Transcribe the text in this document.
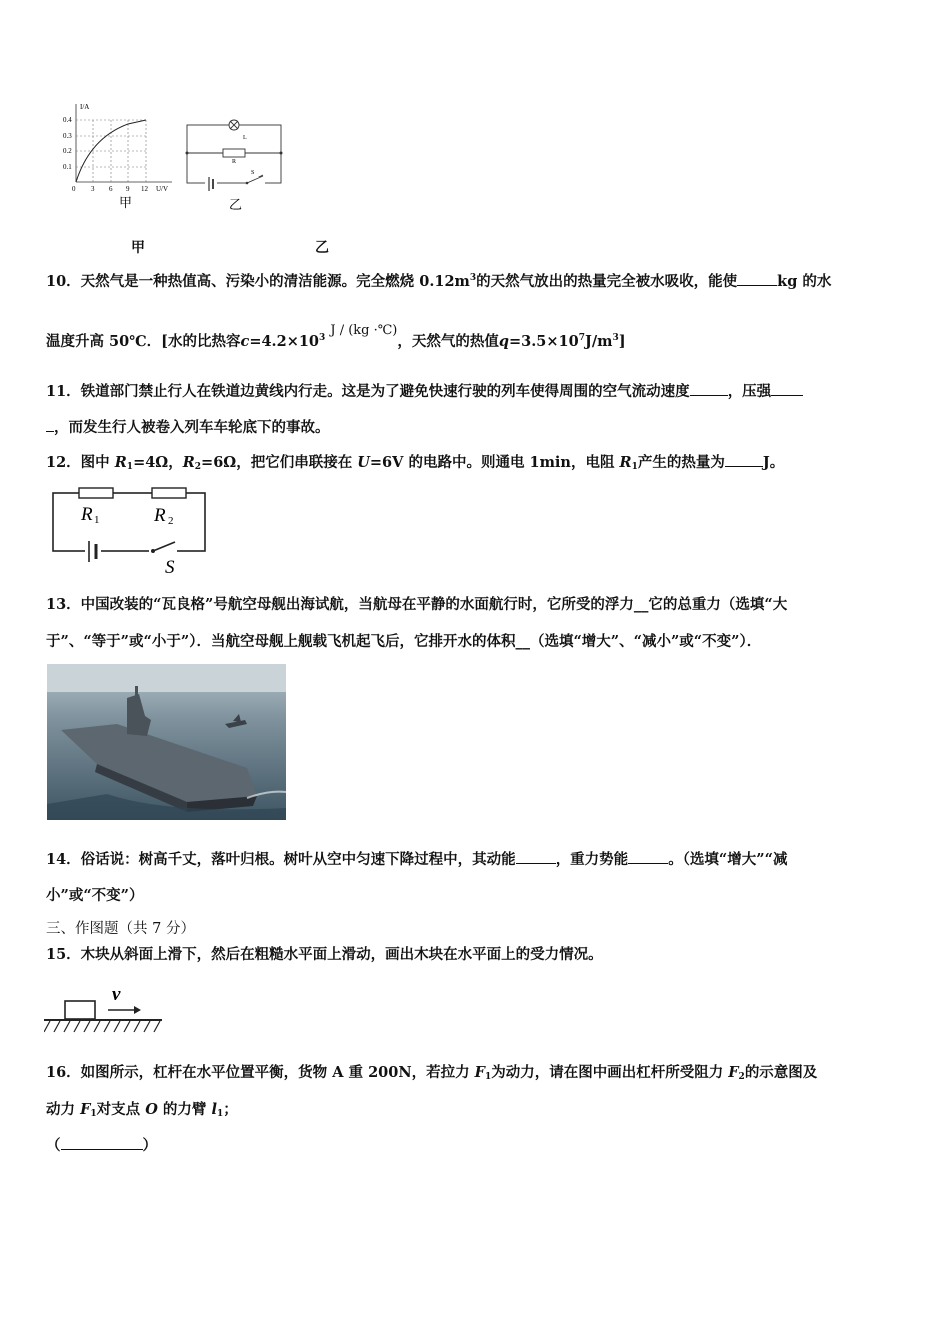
I/A
U/V
0.4
0.3
0.2
0.1
0 3 6 9 12
甲
L
R
S
乙
甲	乙
10．天然气是一种热值高、污染小的清洁能源。完全燃烧 $0.12m^3$的天然气放出的热量完全被水吸收，能使	kg 的水
温度升高 50℃．[水的比热容$c=4.2\times 10^3$ J / (kg ·℃)，天然气的热值$q=3.5\times 10^7J/m^3$]
11．铁道部门禁止行人在铁道边黄线内行走。这是为了避免快速行驶的列车使得周围的空气流动速度	，压强
，而发生行人被卷入列车车轮底下的事故。
12．图中 $R_1=4\Omega$，$R_2=6\Omega$，把它们串联接在 U=6V 的电路中。则通电 1min，电阻 $R_1$产生的热量为	J。
R 1	R 2
S
13．中国改装的“瓦良格”号航空母舰出海试航，当航母在平静的水面航行时，它所受的浮力__它的总重力（选填“大
于”、“等于”或“小于”）．当航空母舰上舰载飞机起飞后，它排开水的体积__（选填“增大”、“减小”或“不变”）．
14．俗话说：树高千丈，落叶归根。树叶从空中匀速下降过程中，其动能	，重力势能	。（选填“增大”“减
小”或“不变”）
三、作图题（共 7 分）
15．木块从斜面上滑下，然后在粗糙水平面上滑动，画出木块在水平面上的受力情况。
v
16．如图所示，杠杆在水平位置平衡，货物 A 重 200N，若拉力 $F_1$为动力，请在图中画出杠杆所受阻力 $F_2$的示意图及
动力 $F_1$对支点 O 的力臂 $l_1$；
（	）
